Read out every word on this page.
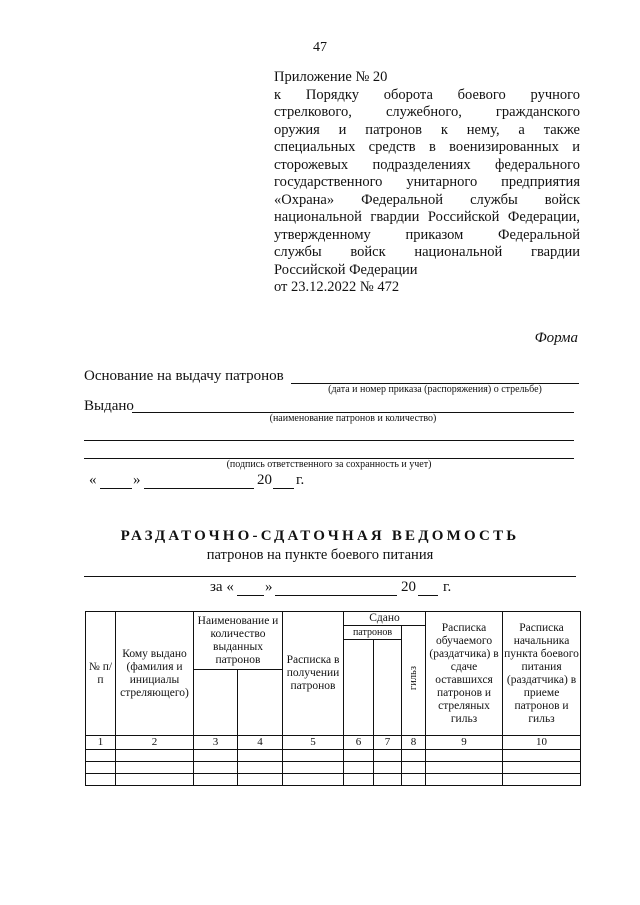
47
Приложение № 20
к Порядку оборота боевого ручного
стрелкового, служебного, гражданского
оружия и патронов к нему, а также
специальных средств в военизированных и
сторожевых подразделениях федерального
государственного унитарного предприятия
«Охрана» Федеральной службы войск
национальной гвардии Российской Федерации,
утвержденному приказом Федеральной
службы войск национальной гвардии
Российской Федерации
от 23.12.2022 № 472
Форма
Основание на выдачу патронов
(дата и номер приказа (распоряжения) о стрельбе)
Выдано
(наименование патронов и количество)
(подпись ответственного за сохранность и учет)
« »	20 г.
РАЗДАТОЧНО-СДАТОЧНАЯ ВЕДОМОСТЬ
патронов на пункте боевого питания
за « »	20 г.
№ п/п	Кому выдано (фамилия и инициалы стреляющего)	Наименование и количество выданных патронов		Расписка в получении патронов	Сдано			Расписка обучаемого (раздатчика) в сдаче оставшихся патронов и стреляных гильз	Расписка начальника пункта боевого питания (раздатчика) в приеме патронов и гильз
					патронов		гильз		

1	2	3	4	5	6	7	8	9	10
